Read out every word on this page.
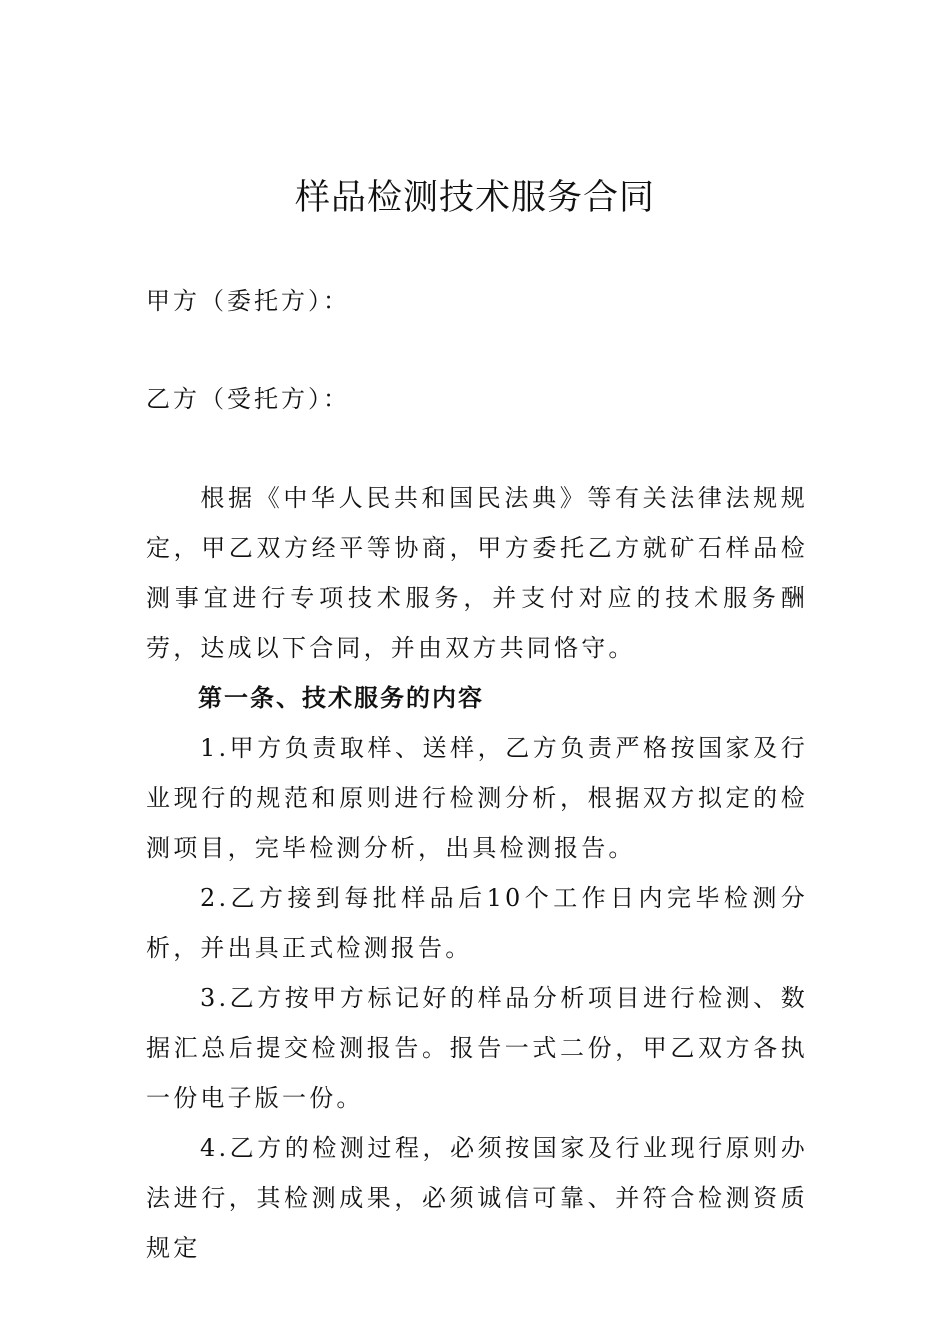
样品检测技术服务合同

甲方（委托方）：

乙方（受托方）：

根据《中华人民共和国民法典》等有关法律法规规定，甲乙双方经平等协商，甲方委托乙方就矿石样品检测事宜进行专项技术服务，并支付对应的技术服务酬劳，达成以下合同，并由双方共同恪守。

第一条、技术服务的内容

1.甲方负责取样、送样，乙方负责严格按国家及行业现行的规范和原则进行检测分析，根据双方拟定的检测项目，完毕检测分析，出具检测报告。

2.乙方接到每批样品后10个工作日内完毕检测分析，并出具正式检测报告。

3.乙方按甲方标记好的样品分析项目进行检测、数据汇总后提交检测报告。报告一式二份，甲乙双方各执一份电子版一份。

4.乙方的检测过程，必须按国家及行业现行原则办法进行，其检测成果，必须诚信可靠、并符合检测资质规定
